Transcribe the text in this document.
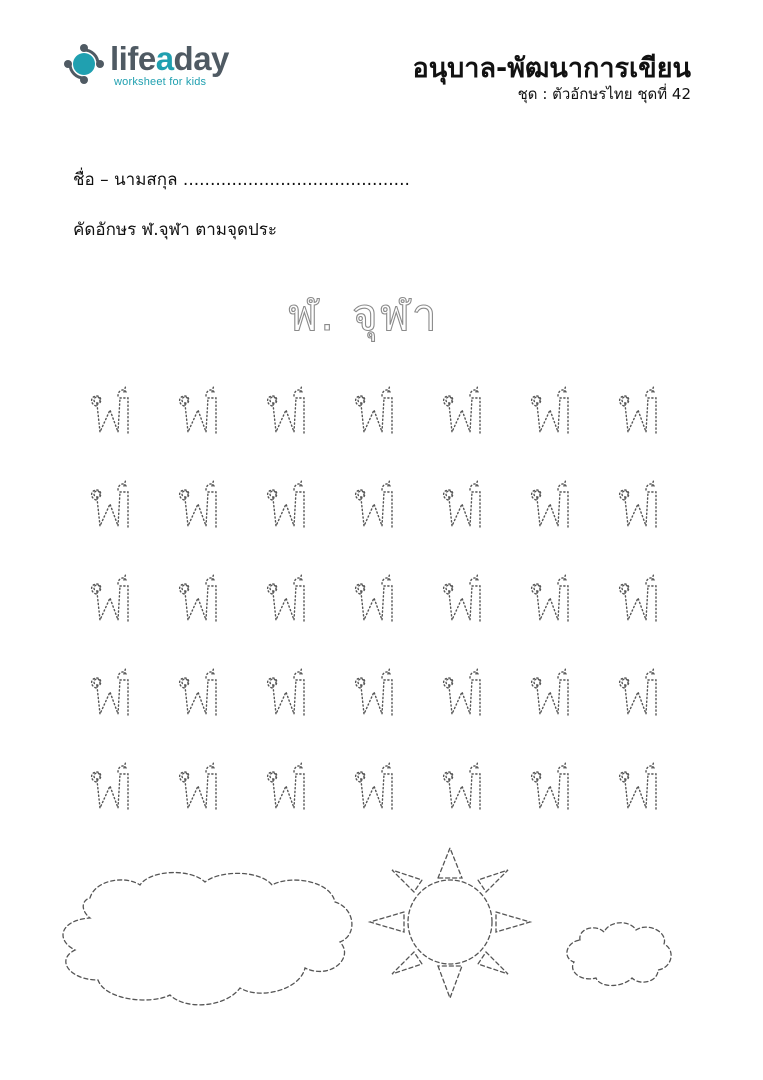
lifeaday
worksheet for kids	อนุบาล-พัฒนาการเขียน
ชุด : ตัวอักษรไทย ชุดที่ 42
ชื่อ – นามสกุล ..........................................
คัดอักษร ฬ.จุฬา ตามจุดประ
ฬ. จุฬา
